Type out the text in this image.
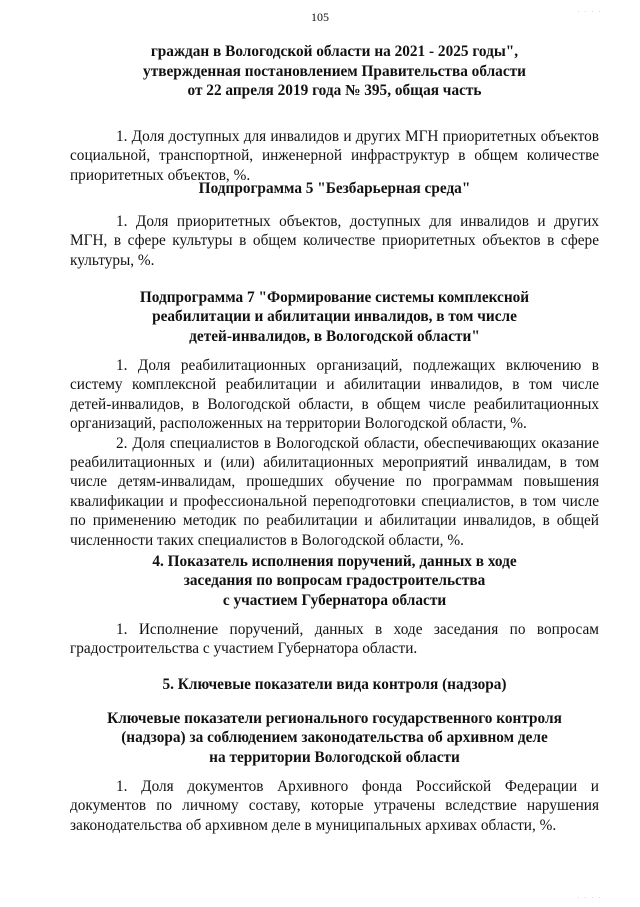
. . . .
105
граждан в Вологодской области на 2021 - 2025 годы",
утвержденная постановлением Правительства области
от 22 апреля 2019 года № 395, общая часть
1. Доля доступных для инвалидов и других МГН приоритетных объектов социальной, транспортной, инженерной инфраструктур в общем количестве приоритетных объектов, %.
Подпрограмма 5 "Безбарьерная среда"
1. Доля приоритетных объектов, доступных для инвалидов и других МГН, в сфере культуры в общем количестве приоритетных объектов в сфере культуры, %.
Подпрограмма 7 "Формирование системы комплексной
реабилитации и абилитации инвалидов, в том числе
детей-инвалидов, в Вологодской области"
1. Доля реабилитационных организаций, подлежащих включению в систему комплексной реабилитации и абилитации инвалидов, в том числе детей-инвалидов, в Вологодской области, в общем числе реабилитационных организаций, расположенных на территории Вологодской области, %.
2. Доля специалистов в Вологодской области, обеспечивающих оказание реабилитационных и (или) абилитационных мероприятий инвалидам, в том числе детям-инвалидам, прошедших обучение по программам повышения квалификации и профессиональной переподготовки специалистов, в том числе по применению методик по реабилитации и абилитации инвалидов, в общей численности таких специалистов в Вологодской области, %.
4. Показатель исполнения поручений, данных в ходе
заседания по вопросам градостроительства
с участием Губернатора области
1. Исполнение поручений, данных в ходе заседания по вопросам градостроительства с участием Губернатора области.
5. Ключевые показатели вида контроля (надзора)
Ключевые показатели регионального государственного контроля
(надзора) за соблюдением законодательства об архивном деле
на территории Вологодской области
1. Доля документов Архивного фонда Российской Федерации и документов по личному составу, которые утрачены вследствие нарушения законодательства об архивном деле в муниципальных архивах области, %.
. . . .
